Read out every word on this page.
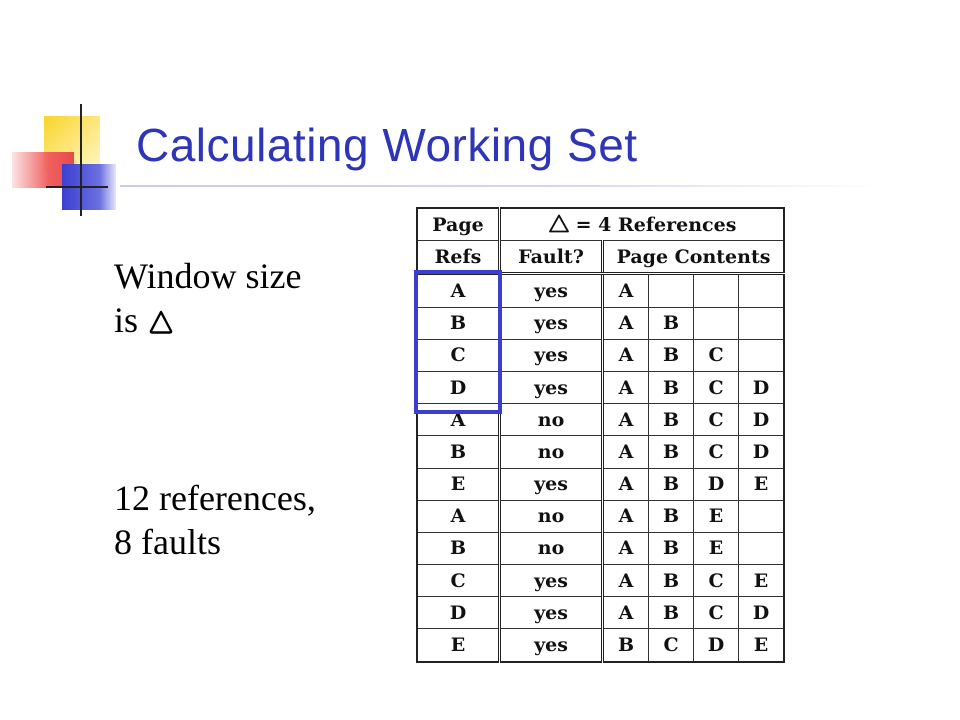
Calculating Working Set
Window size
is
12 references,
8 faults
Page	= 4 References				
Refs	Fault?	Page Contents			
A	yes	A			
B	yes	A	B		
C	yes	A	B	C	
D	yes	A	B	C	D
A	no	A	B	C	D
B	no	A	B	C	D
E	yes	A	B	D	E
A	no	A	B	E	
B	no	A	B	E	
C	yes	A	B	C	E
D	yes	A	B	C	D
E	yes	B	C	D	E
